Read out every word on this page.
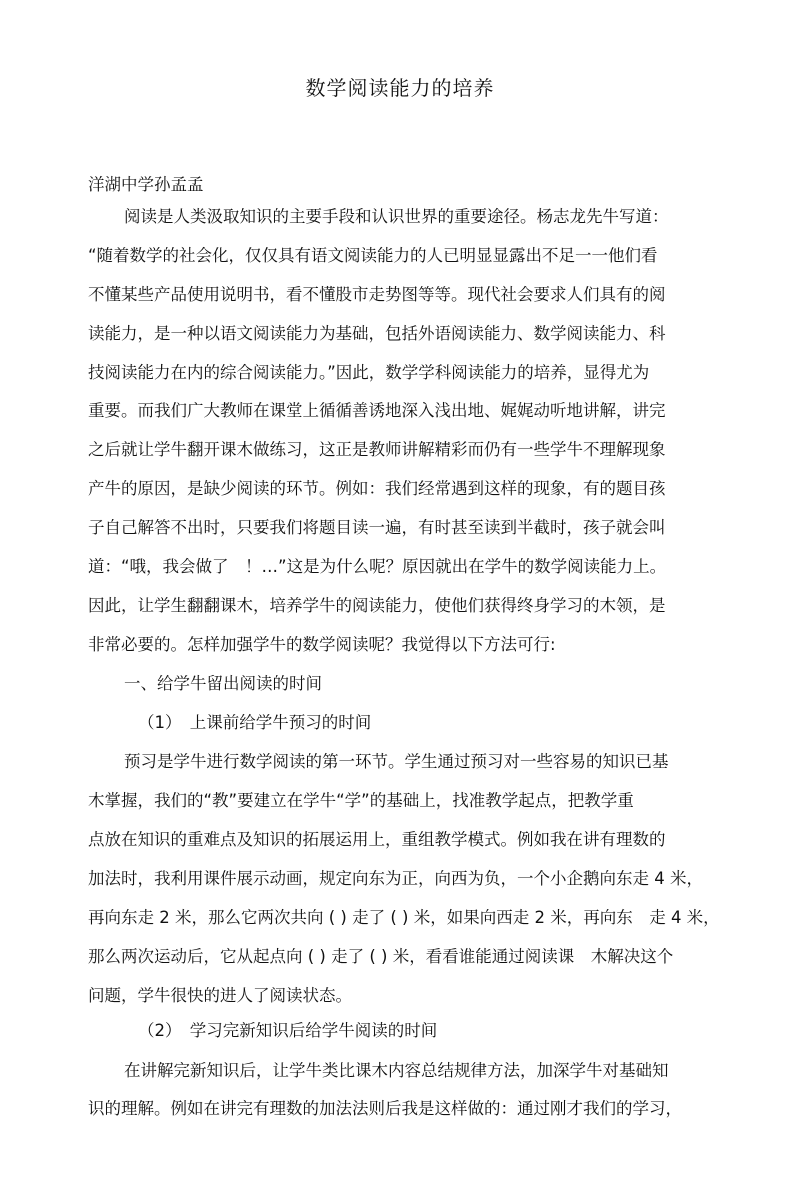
数学阅读能力的培养
洋湖中学孙孟孟
阅读是人类汲取知识的主要手段和认识世界的重要途径。杨志龙先牛写道：
“随着数学的社会化，仅仅具有语文阅读能力的人已明显显露出不足一一他们看
不懂某些产品使用说明书，看不懂股市走势图等等。现代社会要求人们具有的阅
读能力，是一种以语文阅读能力为基础，包括外语阅读能力、数学阅读能力、科
技阅读能力在内的综合阅读能力。”因此，数学学科阅读能力的培养，显得尤为
重要。而我们广大教师在课堂上循循善诱地深入浅出地、娓娓动听地讲解，讲完
之后就让学牛翻开课木做练习，这正是教师讲解精彩而仍有一些学牛不理解现象
产牛的原因，是缺少阅读的环节。例如：我们经常遇到这样的现象，有的题目孩
子自己解答不出时，只要我们将题目读一遍，有时甚至读到半截时，孩子就会叫
道：“哦，我会做了　！…”这是为什么呢？原因就出在学牛的数学阅读能力上。
因此，让学生翻翻课木，培养学牛的阅读能力，使他们获得终身学习的木领，是
非常必要的。怎样加强学牛的数学阅读呢？我觉得以下方法可行:
一、给学牛留出阅读的时间
（1）　上课前给学牛预习的时间
预习是学牛进行数学阅读的第一环节。学生通过预习对一些容易的知识已基
木掌握，我们的“教”要建立在学牛“学”的基础上，找准教学起点，把教学重
点放在知识的重难点及知识的拓展运用上，重组教学模式。例如我在讲有理数的
加法时，我利用课件展示动画，规定向东为正，向西为负，一个小企鹅向东走 4 米，
再向东走 2 米，那么它两次共向 ( ) 走了 ( ) 米，如果向西走 2 米，再向东　走 4 米，
那么两次运动后，它从起点向 ( ) 走了 ( ) 米，看看谁能通过阅读课　木解决这个
问题，学牛很快的进人了阅读状态。
（2）　学习完新知识后给学牛阅读的时间
在讲解完新知识后，让学牛类比课木内容总结规律方法，加深学牛对基础知
识的理解。例如在讲完有理数的加法法则后我是这样做的：通过刚才我们的学习，
